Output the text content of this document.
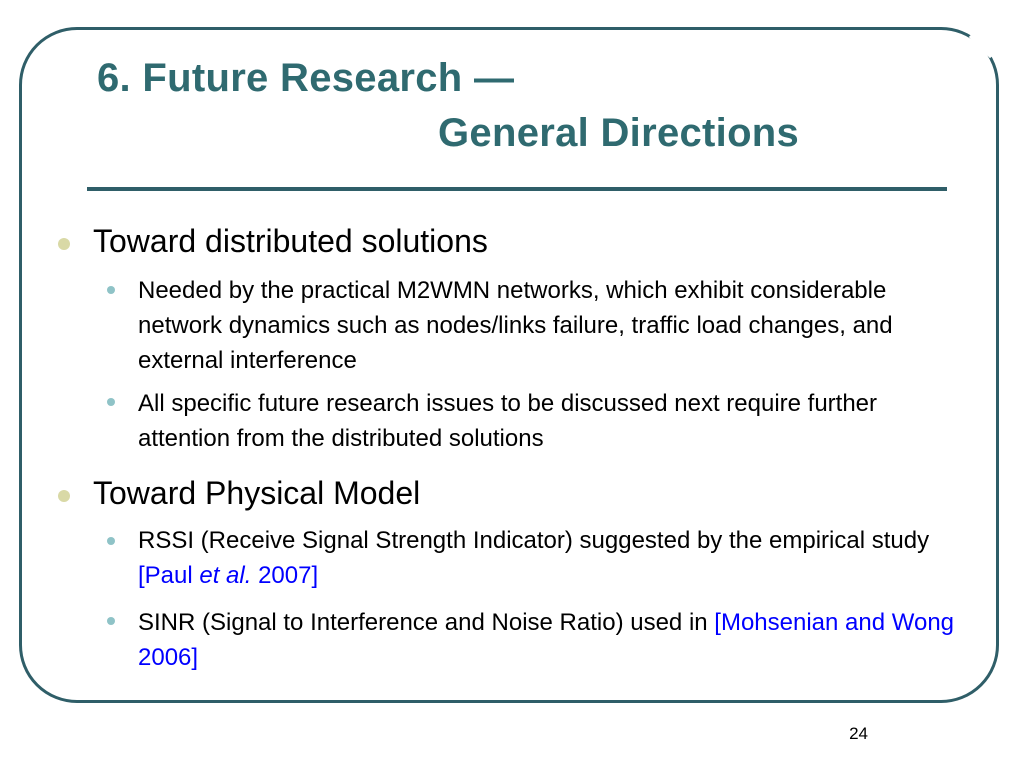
6. Future Research —
General Directions
Toward distributed solutions
Needed by the practical M2WMN networks, which exhibit considerable network dynamics such as nodes/links failure, traffic load changes, and external interference
All specific future research issues to be discussed next require further attention from the distributed solutions
Toward Physical Model
RSSI (Receive Signal Strength Indicator) suggested by the empirical study [Paul et al. 2007]
SINR (Signal to Interference and Noise Ratio) used in [Mohsenian and Wong 2006]
24
